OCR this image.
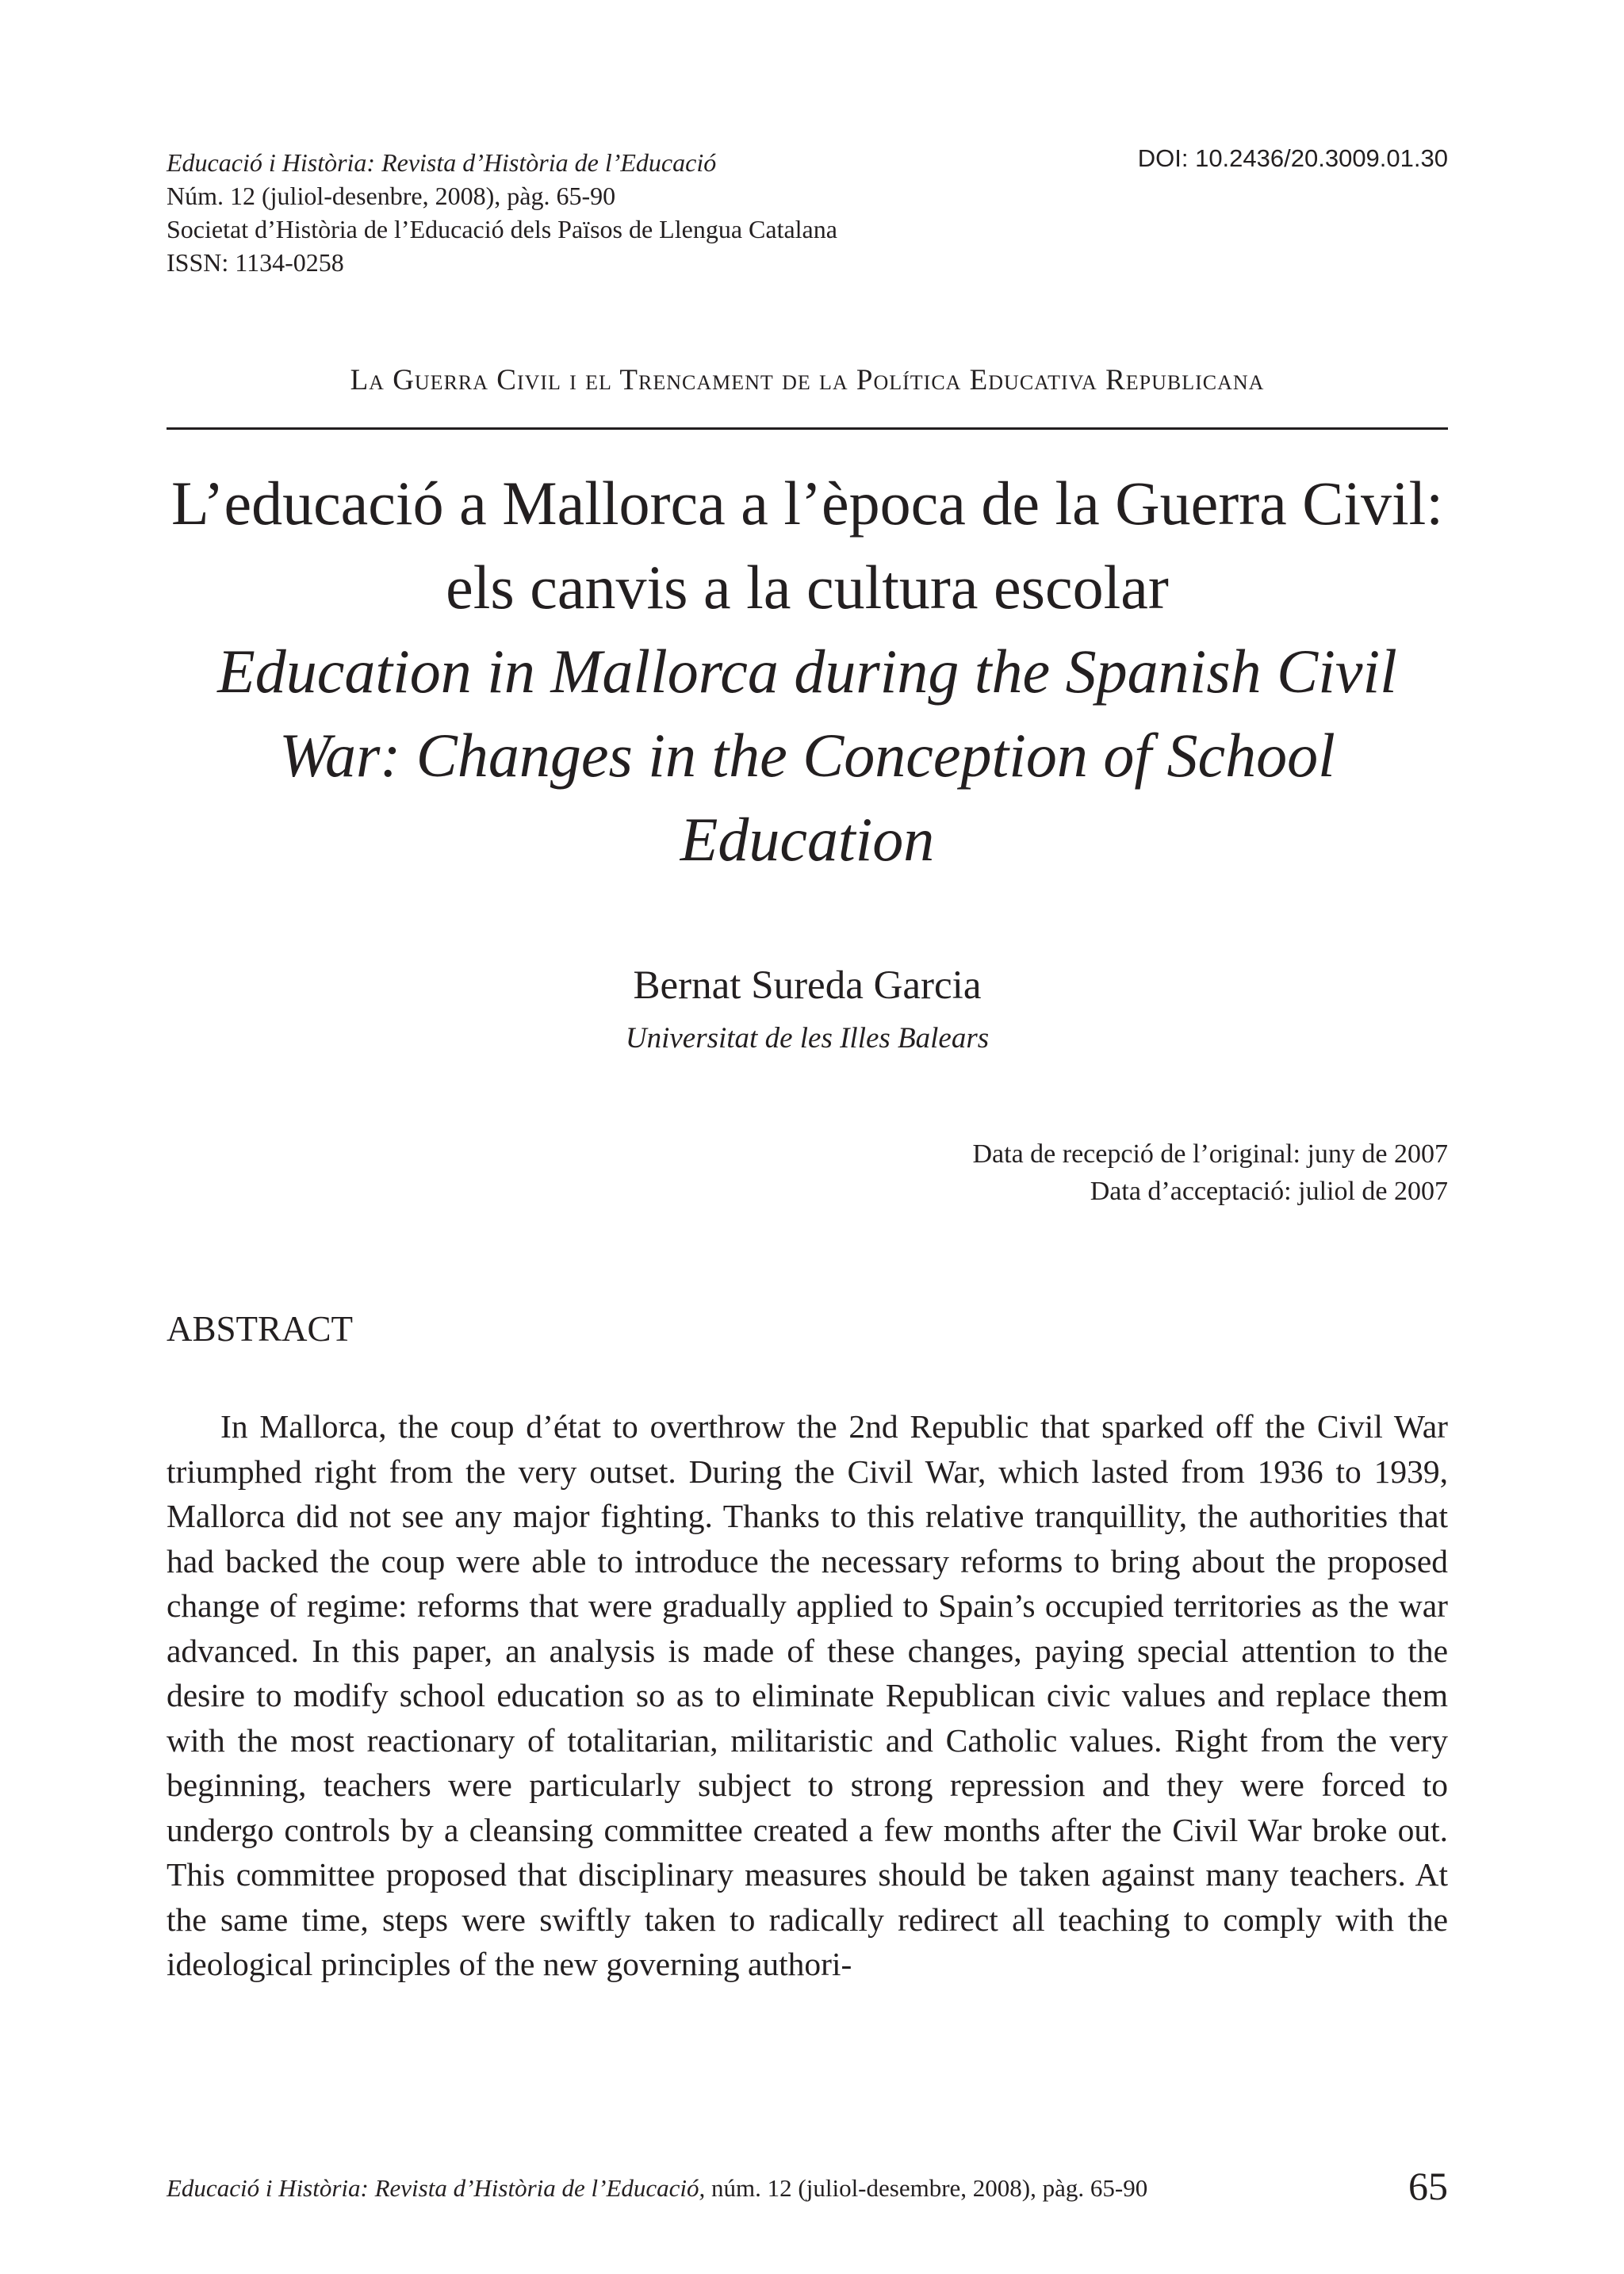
Educació i Història: Revista d’Història de l’Educació
Núm. 12 (juliol-desenbre, 2008), pàg. 65-90
Societat d’Història de l’Educació dels Països de Llengua Catalana
ISSN: 1134-0258
DOI: 10.2436/20.3009.01.30
La Guerra Civil i el Trencament de la Política Educativa Republicana
L’educació a Mallorca a l’època de la Guerra Civil: els canvis a la cultura escolar
Education in Mallorca during the Spanish Civil War: Changes in the Conception of School Education
Bernat Sureda Garcia
Universitat de les Illes Balears
Data de recepció de l’original: juny de 2007
Data d’acceptació: juliol de 2007
ABSTRACT
In Mallorca, the coup d’état to overthrow the 2nd Republic that sparked off the Civil War triumphed right from the very outset. During the Civil War, which lasted from 1936 to 1939, Mallorca did not see any major fighting. Thanks to this relative tranquillity, the authorities that had backed the coup were able to introduce the necessary reforms to bring about the proposed change of regime: reforms that were gradually applied to Spain’s occupied territories as the war advanced. In this paper, an analysis is made of these changes, paying special attention to the desire to modify school education so as to eliminate Republican civic values and replace them with the most reactionary of totalitarian, militaristic and Catholic values. Right from the very beginning, teachers were particularly subject to strong repression and they were forced to undergo controls by a cleansing committee created a few months after the Civil War broke out. This committee proposed that disciplinary measures should be taken against many teachers. At the same time, steps were swiftly taken to radically redirect all teaching to comply with the ideological principles of the new governing authori-
Educació i Història: Revista d’Història de l’Educació, núm. 12 (juliol-desembre, 2008), pàg. 65-90	65
